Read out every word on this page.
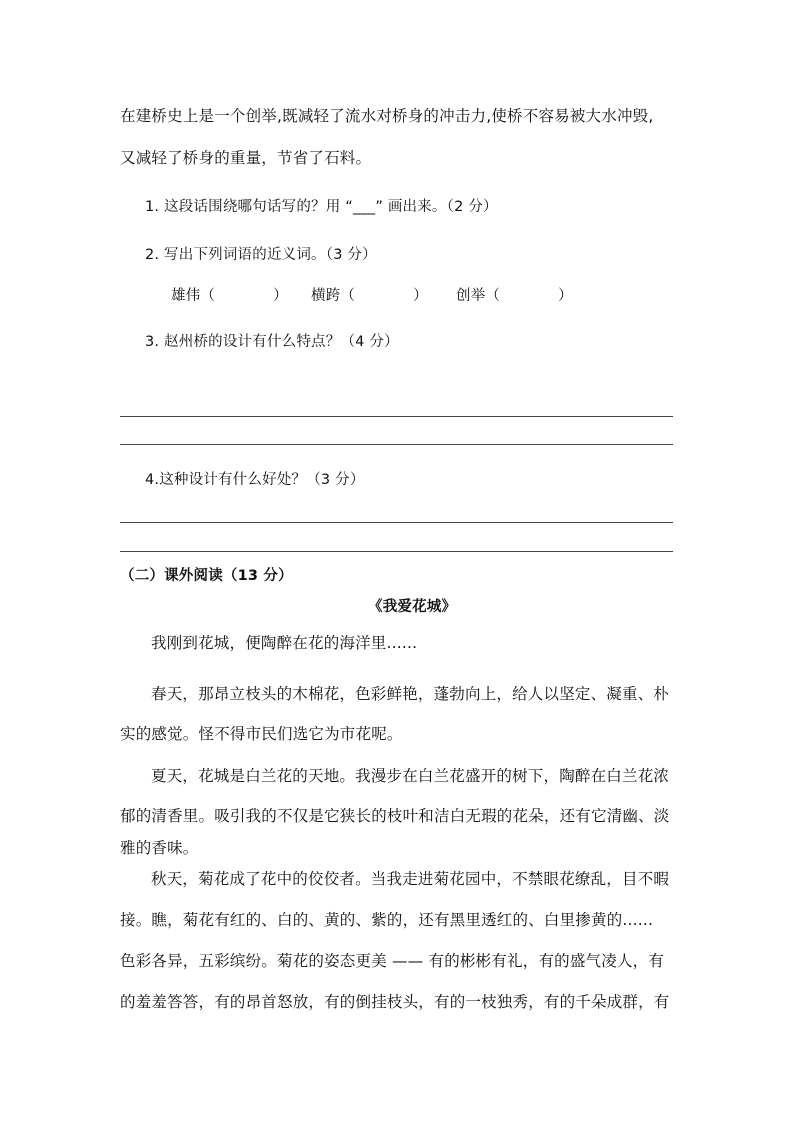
在建桥史上是一个创举,既减轻了流水对桥身的冲击力,使桥不容易被大水冲毁,
又减轻了桥身的重量，节省了石料。
1. 这段话围绕哪句话写的？用 “___” 画出来。（2 分）
2. 写出下列词语的近义词。（3 分）
雄伟（	） 横跨（	） 创举（	）
3. 赵州桥的设计有什么特点？（4 分）
4.这种设计有什么好处？（3 分）
（二）课外阅读（13 分）
《我爱花城》
我刚到花城，便陶醉在花的海洋里......
春天，那昂立枝头的木棉花，色彩鲜艳，蓬勃向上，给人以坚定、凝重、朴
实的感觉。怪不得市民们选它为市花呢。
夏天，花城是白兰花的天地。我漫步在白兰花盛开的树下，陶醉在白兰花浓
郁的清香里。吸引我的不仅是它狭长的枝叶和洁白无瑕的花朵，还有它清幽、淡
雅的香味。
秋天，菊花成了花中的佼佼者。当我走进菊花园中，不禁眼花缭乱，目不暇
接。瞧，菊花有红的、白的、黄的、紫的，还有黑里透红的、白里掺黄的......
色彩各异，五彩缤纷。菊花的姿态更美 —— 有的彬彬有礼，有的盛气凌人，有
的羞羞答答，有的昂首怒放，有的倒挂枝头，有的一枝独秀，有的千朵成群，有
